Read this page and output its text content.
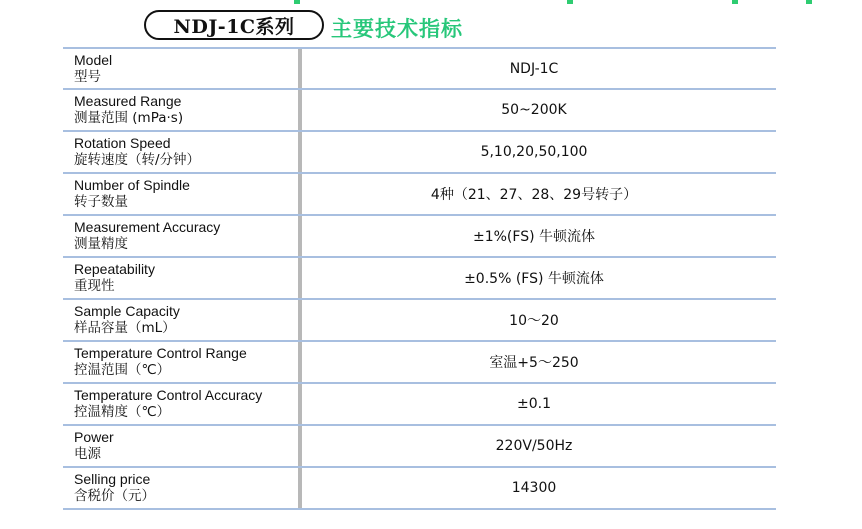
NDJ-1C系列	主要技术指标
Model
型号	NDJ-1C
Measured Range
测量范围 (mPa·s)	50~200K
Rotation Speed
旋转速度（转/分钟）	5,10,20,50,100
Number of Spindle
转子数量	4种（21、27、28、29号转子）
Measurement Accuracy
测量精度	±1%(FS) 牛顿流体
Repeatability
重现性	±0.5% (FS) 牛顿流体
Sample Capacity
样品容量（mL）	10～20
Temperature Control Range
控温范围（℃）	室温+5～250
Temperature Control Accuracy
控温精度（℃）	±0.1
Power
电源	220V/50Hz
Selling price
含税价（元）	14300
